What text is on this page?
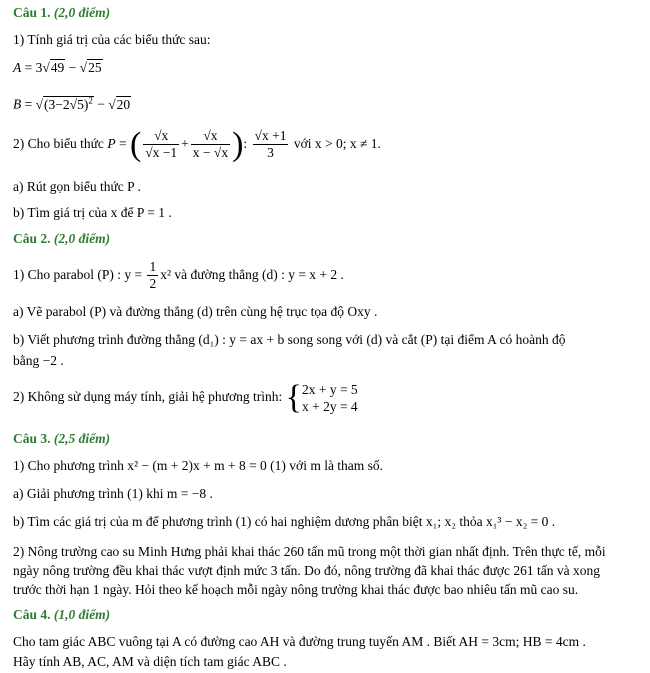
Câu 1. (2,0 điểm)
1) Tính giá trị của các biểu thức sau:
A = 3√ 49 − √ 25
B = √ $(3-2√5)^2$ − √ 20
2) Cho biểu thức P = ( $\frac{√x}{√x -1} + \frac{√x}{x - √x}$ ): $\frac{√x +1}{3}$ với x > 0; x ≠ 1.
a) Rút gọn biểu thức P .
b) Tìm giá trị của x để P = 1 .
Câu 2. (2,0 điểm)
1) Cho parabol (P) : $y = \frac{1}{2} x^2$ và đường thẳng (d) : y = x + 2 .
a) Vẽ parabol (P) và đường thẳng (d) trên cùng hệ trục tọa độ Oxy .
b) Viết phương trình đường thẳng (d₁) : y = ax + b song song với (d) và cắt (P) tại điểm A có hoành độ
bằng −2 .
2) Không sử dụng máy tính, giải hệ phương trình: { 2x + y = 5
x + 2y = 4
Câu 3. (2,5 điểm)
1) Cho phương trình x² − (m + 2)x + m + 8 = 0 (1) với m là tham số.
a) Giải phương trình (1) khi m = −8 .
b) Tìm các giá trị của m để phương trình (1) có hai nghiệm dương phân biệt x₁; x₂ thỏa x₁³ − x₂ = 0 .
2) Nông trường cao su Minh Hưng phải khai thác 260 tấn mũ trong một thời gian nhất định. Trên thực tế, mỗi
ngày nông trường đều khai thác vượt định mức 3 tấn. Do đó, nông trường đã khai thác được 261 tấn và xong
trước thời hạn 1 ngày. Hỏi theo kế hoạch mỗi ngày nông trường khai thác được bao nhiêu tấn mũ cao su.
Câu 4. (1,0 điểm)
Cho tam giác ABC vuông tại A có đường cao AH và đường trung tuyến AM . Biết AH = 3cm; HB = 4cm .
Hãy tính AB, AC, AM và diện tích tam giác ABC .
